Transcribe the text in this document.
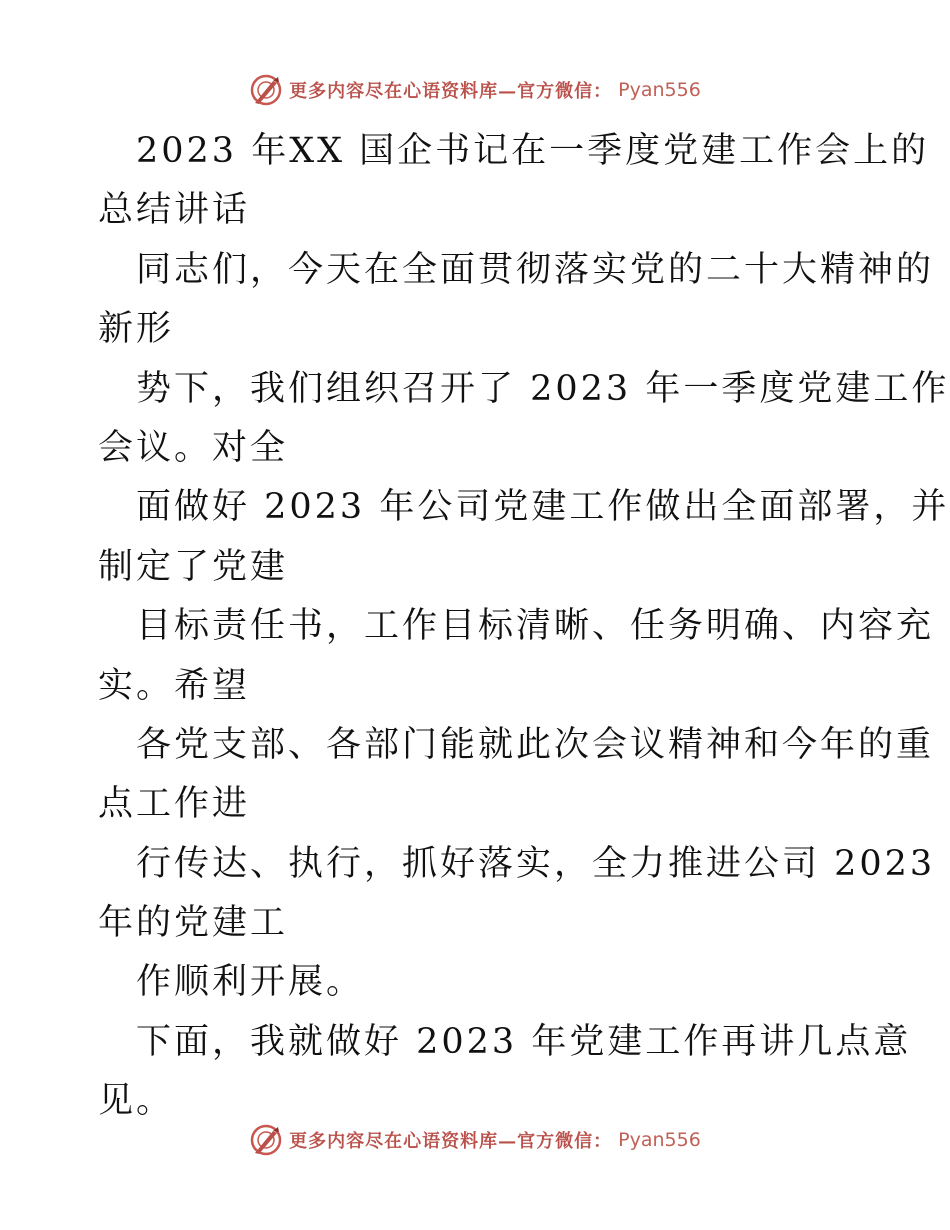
更多内容尽在心语资料库—官方微信： Pyan556
2023 年XX 国企书记在一季度党建工作会上的
总结讲话
同志们，今天在全面贯彻落实党的二十大精神的
新形
势下，我们组织召开了 2023 年一季度党建工作
会议。对全
面做好 2023 年公司党建工作做出全面部署，并
制定了党建
目标责任书，工作目标清晰、任务明确、内容充
实。希望
各党支部、各部门能就此次会议精神和今年的重
点工作进
行传达、执行，抓好落实，全力推进公司 2023
年的党建工
作顺利开展。
下面，我就做好 2023 年党建工作再讲几点意
见。
更多内容尽在心语资料库—官方微信： Pyan556
